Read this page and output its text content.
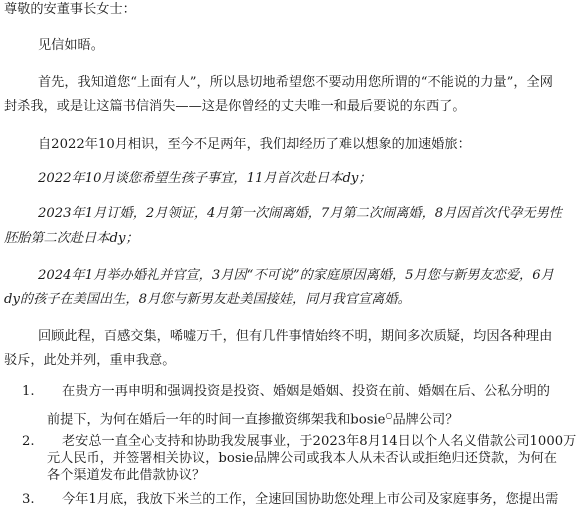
尊敬的安董事长女士：
见信如晤。
首先，我知道您“上面有人”，所以恳切地希望您不要动用您所谓的“不能说的力量”，全网
封杀我，或是让这篇书信消失——这是你曾经的丈夫唯一和最后要说的东西了。
自2022年10月相识，至今不足两年，我们却经历了难以想象的加速婚旅：
2022年10月谈您希望生孩子事宜，11月首次赴日本dy；
2023年1月订婚，2月领证，4月第一次闹离婚，7月第二次闹离婚，8月因首次代孕无男性
胚胎第二次赴日本dy；
2024年1月举办婚礼并官宣，3月因“不可说”的家庭原因离婚，5月您与新男友恋爱，6月
dy的孩子在美国出生，8月您与新男友赴美国接娃，同月我官宣离婚。
回顾此程，百感交集，唏嘘万千，但有几件事情始终不明，期间多次质疑，均因各种理由
驳斥，此处并列，重申我意。
1. 在贵方一再申明和强调投资是投资、婚姻是婚姻、投资在前、婚姻在后、公私分明的
前提下，为何在婚后一年的时间一直掺撤资绑架我和bosie○品牌公司？
2. 老安总一直全心支持和协助我发展事业，于2023年8月14日以个人名义借款公司1000万
元人民币，并签署相关协议，bosie品牌公司或我本人从未否认或拒绝归还贷款，为何在
各个渠道发布此借款协议？
3. 今年1月底，我放下米兰的工作，全速回国协助您处理上市公司及家庭事务，您提出需
